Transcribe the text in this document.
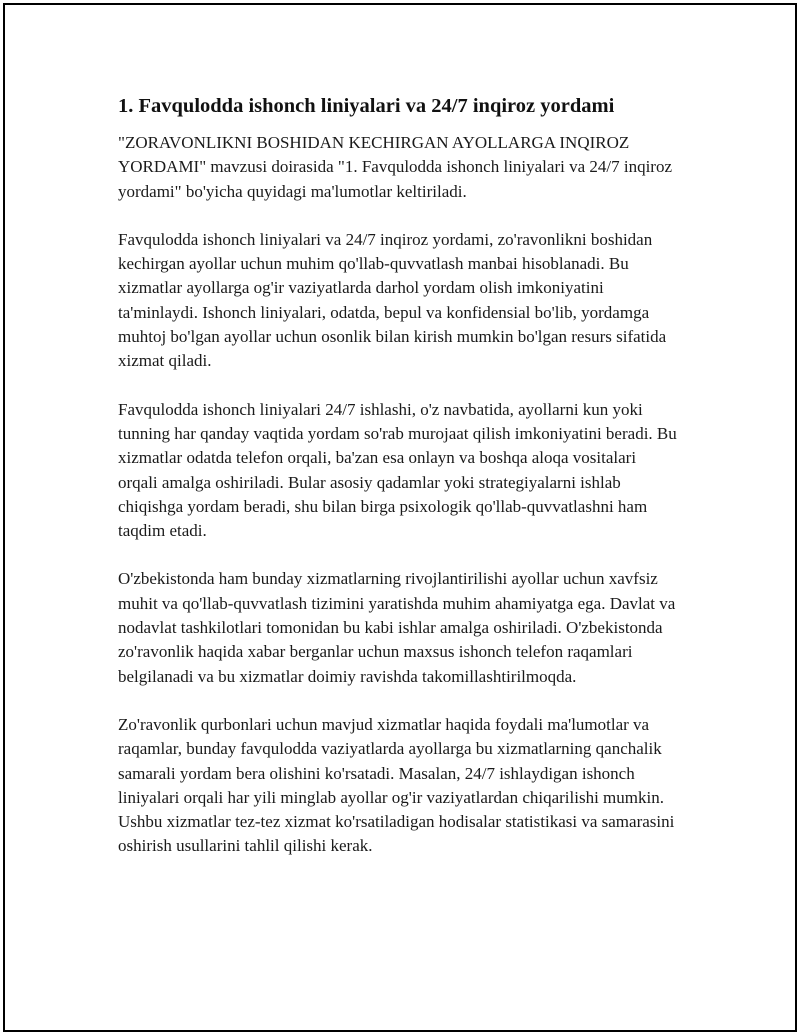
1. Favqulodda ishonch liniyalari va 24/7 inqiroz yordami

"ZORAVONLIKNI BOSHIDAN KECHIRGAN AYOLLARGA INQIROZ YORDAMI" mavzusi doirasida "1. Favqulodda ishonch liniyalari va 24/7 inqiroz yordami" bo'yicha quyidagi ma'lumotlar keltiriladi.

Favqulodda ishonch liniyalari va 24/7 inqiroz yordami, zo'ravonlikni boshidan kechirgan ayollar uchun muhim qo'llab-quvvatlash manbai hisoblanadi. Bu xizmatlar ayollarga og'ir vaziyatlarda darhol yordam olish imkoniyatini ta'minlaydi. Ishonch liniyalari, odatda, bepul va konfidensial bo'lib, yordamga muhtoj bo'lgan ayollar uchun osonlik bilan kirish mumkin bo'lgan resurs sifatida xizmat qiladi.

Favqulodda ishonch liniyalari 24/7 ishlashi, o'z navbatida, ayollarni kun yoki tunning har qanday vaqtida yordam so'rab murojaat qilish imkoniyatini beradi. Bu xizmatlar odatda telefon orqali, ba'zan esa onlayn va boshqa aloqa vositalari orqali amalga oshiriladi. Bular asosiy qadamlar yoki strategiyalarni ishlab chiqishga yordam beradi, shu bilan birga psixologik qo'llab-quvvatlashni ham taqdim etadi.

O'zbekistonda ham bunday xizmatlarning rivojlantirilishi ayollar uchun xavfsiz muhit va qo'llab-quvvatlash tizimini yaratishda muhim ahamiyatga ega. Davlat va nodavlat tashkilotlari tomonidan bu kabi ishlar amalga oshiriladi. O'zbekistonda zo'ravonlik haqida xabar berganlar uchun maxsus ishonch telefon raqamlari belgilanadi va bu xizmatlar doimiy ravishda takomillashtirilmoqda.

Zo'ravonlik qurbonlari uchun mavjud xizmatlar haqida foydali ma'lumotlar va raqamlar, bunday favqulodda vaziyatlarda ayollarga bu xizmatlarning qanchalik samarali yordam bera olishini ko'rsatadi. Masalan, 24/7 ishlaydigan ishonch liniyalari orqali har yili minglab ayollar og'ir vaziyatlardan chiqarilishi mumkin. Ushbu xizmatlar tez-tez xizmat ko'rsatiladigan hodisalar statistikasi va samarasini oshirish usullarini tahlil qilishi kerak.
